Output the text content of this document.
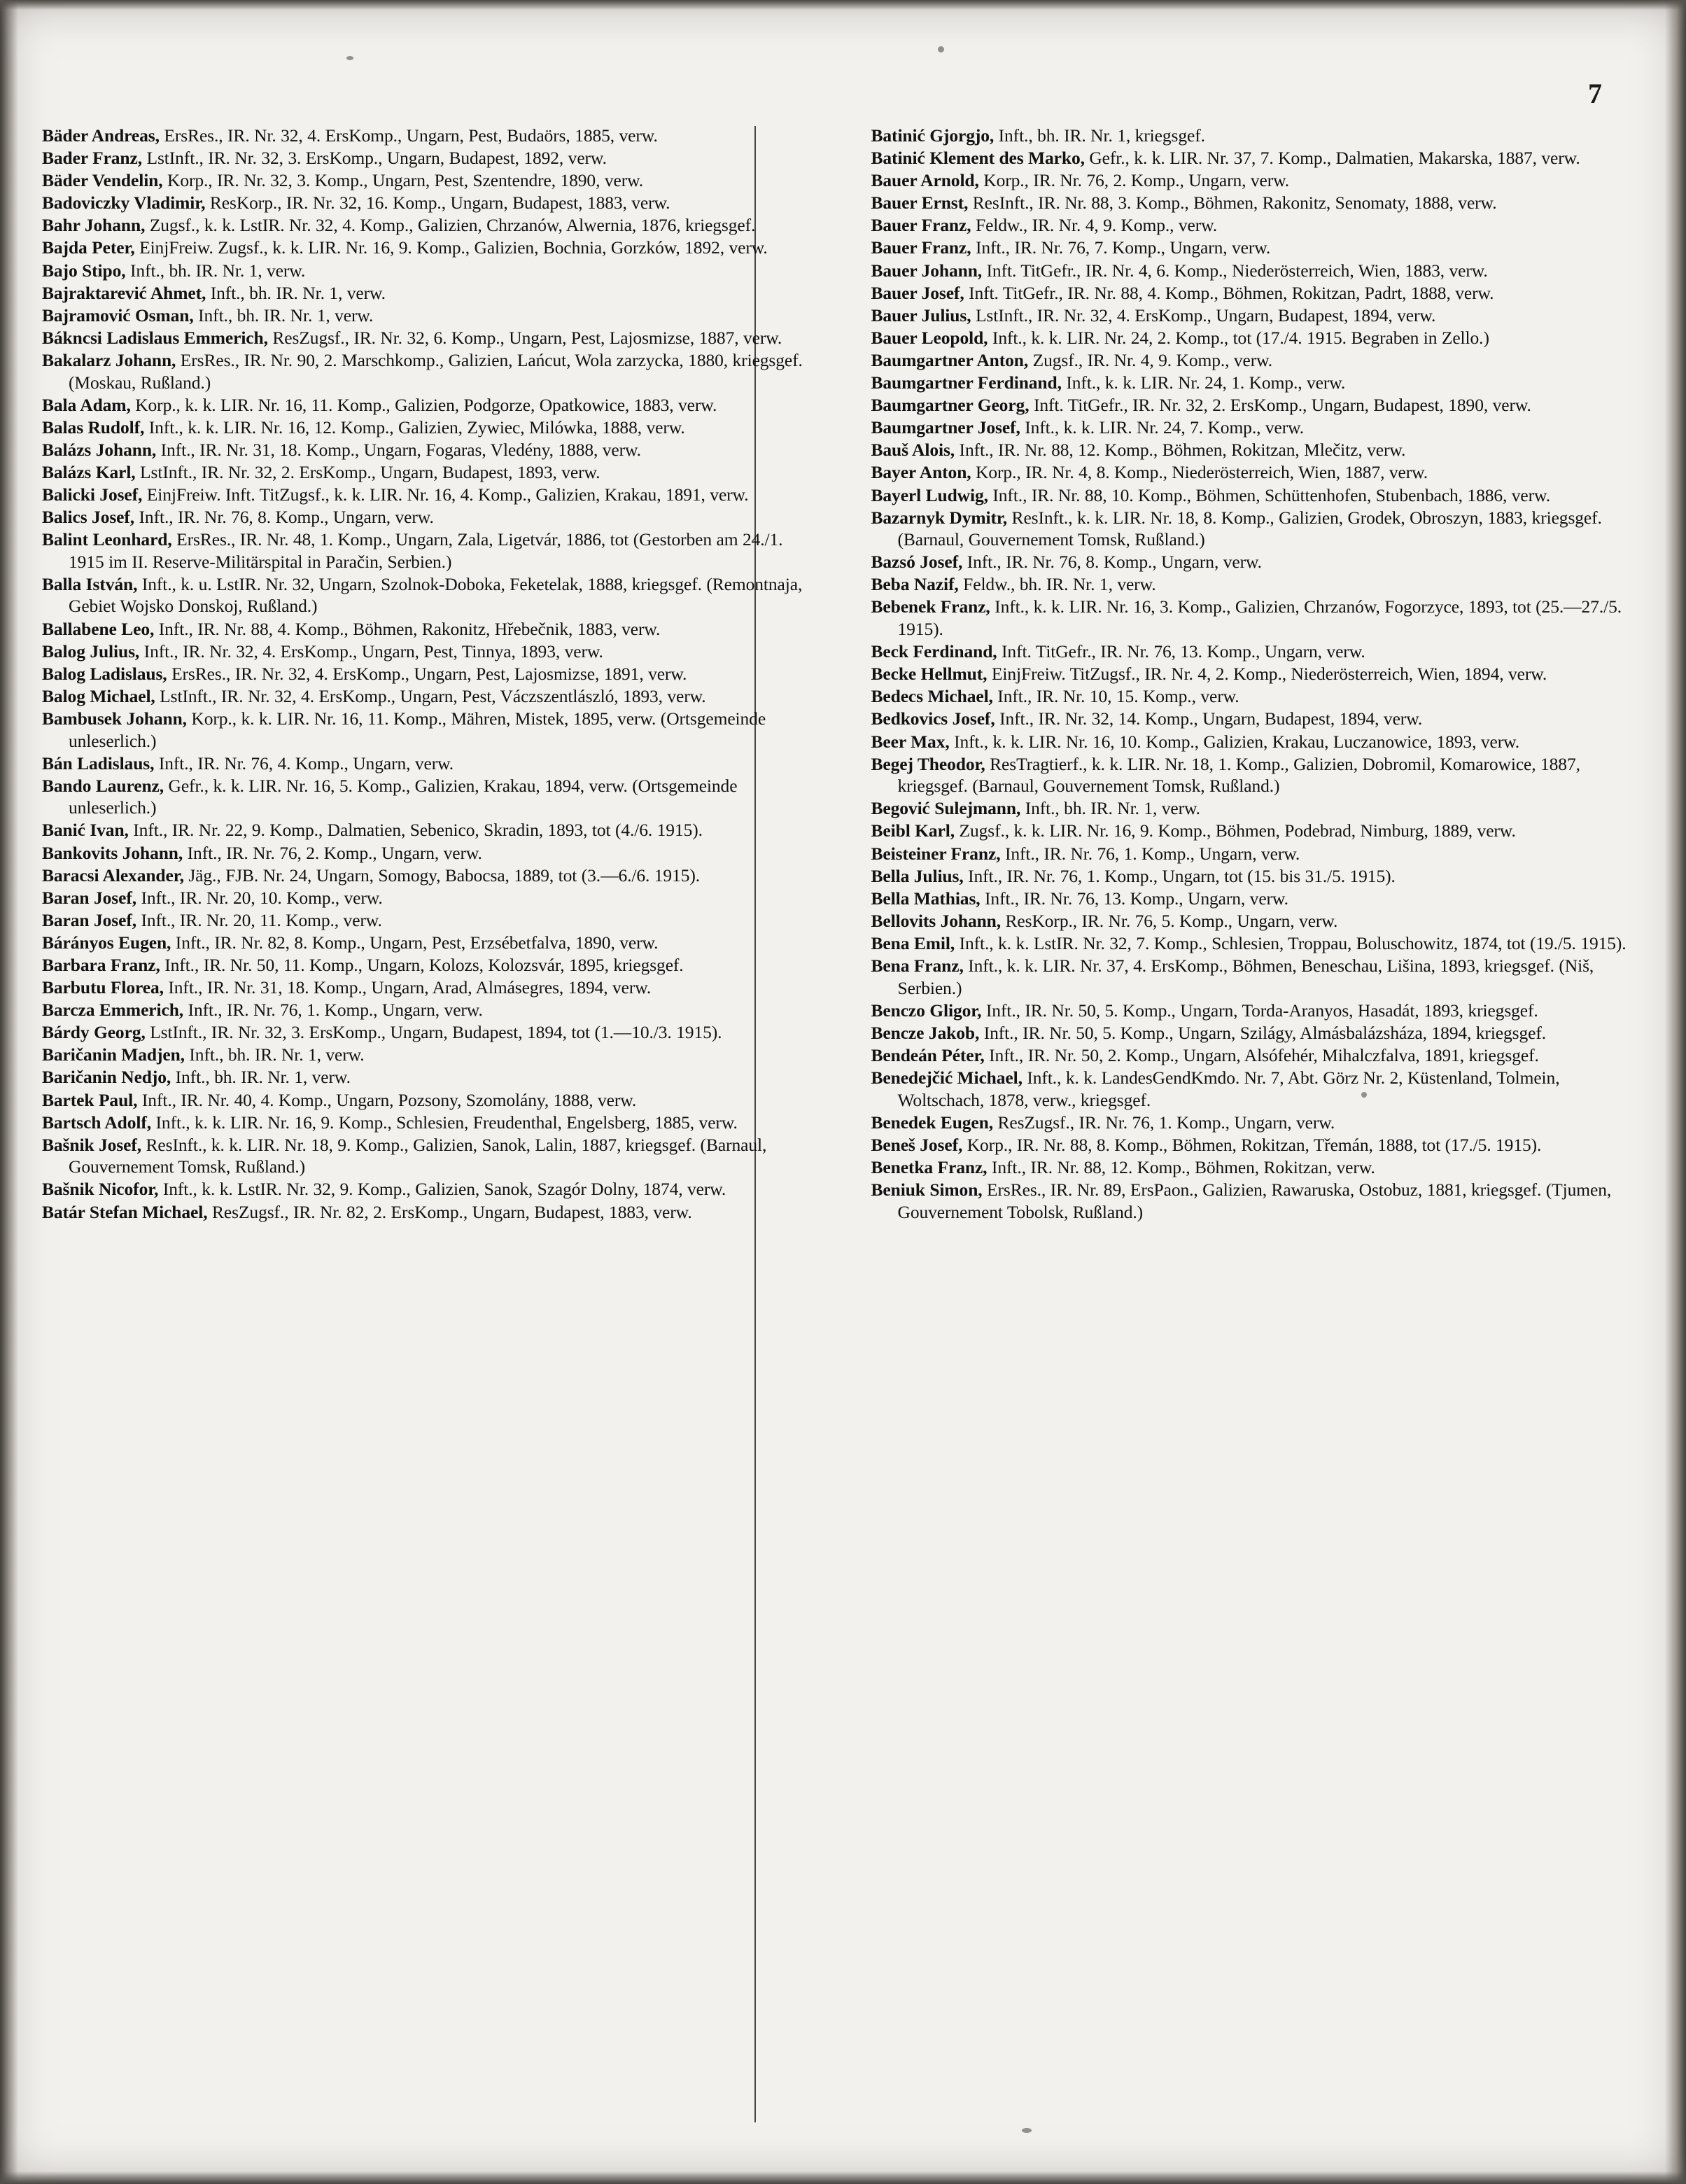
7

Bäder Andreas, ErsRes., IR. Nr. 32, 4. ErsKomp., Ungarn, Pest, Budaörs, 1885, verw.

Bader Franz, LstInft., IR. Nr. 32, 3. ErsKomp., Ungarn, Budapest, 1892, verw.

Bäder Vendelin, Korp., IR. Nr. 32, 3. Komp., Ungarn, Pest, Szentendre, 1890, verw.

Badoviczky Vladimir, ResKorp., IR. Nr. 32, 16. Komp., Ungarn, Budapest, 1883, verw.

Bahr Johann, Zugsf., k. k. LstIR. Nr. 32, 4. Komp., Galizien, Chrzanów, Alwernia, 1876, kriegsgef.

Bajda Peter, EinjFreiw. Zugsf., k. k. LIR. Nr. 16, 9. Komp., Galizien, Bochnia, Gorzków, 1892, verw.

Bajo Stipo, Inft., bh. IR. Nr. 1, verw.

Bajraktarević Ahmet, Inft., bh. IR. Nr. 1, verw.

Bajramović Osman, Inft., bh. IR. Nr. 1, verw.

Bákncsi Ladislaus Emmerich, ResZugsf., IR. Nr. 32, 6. Komp., Ungarn, Pest, Lajosmizse, 1887, verw.

Bakalarz Johann, ErsRes., IR. Nr. 90, 2. Marschkomp., Galizien, Lańcut, Wola zarzycka, 1880, kriegsgef. (Moskau, Rußland.)

Bala Adam, Korp., k. k. LIR. Nr. 16, 11. Komp., Galizien, Podgorze, Opatkowice, 1883, verw.

Balas Rudolf, Inft., k. k. LIR. Nr. 16, 12. Komp., Galizien, Zywiec, Milówka, 1888, verw.

Balázs Johann, Inft., IR. Nr. 31, 18. Komp., Ungarn, Fogaras, Vledény, 1888, verw.

Balázs Karl, LstInft., IR. Nr. 32, 2. ErsKomp., Ungarn, Budapest, 1893, verw.

Balicki Josef, EinjFreiw. Inft. TitZugsf., k. k. LIR. Nr. 16, 4. Komp., Galizien, Krakau, 1891, verw.

Balics Josef, Inft., IR. Nr. 76, 8. Komp., Ungarn, verw.

Balint Leonhard, ErsRes., IR. Nr. 48, 1. Komp., Ungarn, Zala, Ligetvár, 1886, tot (Gestorben am 24./1. 1915 im II. Reserve-Militärspital in Paračin, Serbien.)

Balla István, Inft., k. u. LstIR. Nr. 32, Ungarn, Szolnok-Doboka, Feketelak, 1888, kriegsgef. (Remontnaja, Gebiet Wojsko Donskoj, Rußland.)

Ballabene Leo, Inft., IR. Nr. 88, 4. Komp., Böhmen, Rakonitz, Hřebečnik, 1883, verw.

Balog Julius, Inft., IR. Nr. 32, 4. ErsKomp., Ungarn, Pest, Tinnya, 1893, verw.

Balog Ladislaus, ErsRes., IR. Nr. 32, 4. ErsKomp., Ungarn, Pest, Lajosmizse, 1891, verw.

Balog Michael, LstInft., IR. Nr. 32, 4. ErsKomp., Ungarn, Pest, Váczszentlászló, 1893, verw.

Bambusek Johann, Korp., k. k. LIR. Nr. 16, 11. Komp., Mähren, Mistek, 1895, verw. (Ortsgemeinde unleserlich.)

Bán Ladislaus, Inft., IR. Nr. 76, 4. Komp., Ungarn, verw.

Bando Laurenz, Gefr., k. k. LIR. Nr. 16, 5. Komp., Galizien, Krakau, 1894, verw. (Ortsgemeinde unleserlich.)

Banić Ivan, Inft., IR. Nr. 22, 9. Komp., Dalmatien, Sebenico, Skradin, 1893, tot (4./6. 1915).

Bankovits Johann, Inft., IR. Nr. 76, 2. Komp., Ungarn, verw.

Baracsi Alexander, Jäg., FJB. Nr. 24, Ungarn, Somogy, Babocsa, 1889, tot (3.—6./6. 1915).

Baran Josef, Inft., IR. Nr. 20, 10. Komp., verw.

Baran Josef, Inft., IR. Nr. 20, 11. Komp., verw.

Bárányos Eugen, Inft., IR. Nr. 82, 8. Komp., Ungarn, Pest, Erzsébetfalva, 1890, verw.

Barbara Franz, Inft., IR. Nr. 50, 11. Komp., Ungarn, Kolozs, Kolozsvár, 1895, kriegsgef.

Barbutu Florea, Inft., IR. Nr. 31, 18. Komp., Ungarn, Arad, Almásegres, 1894, verw.

Barcza Emmerich, Inft., IR. Nr. 76, 1. Komp., Ungarn, verw.

Bárdy Georg, LstInft., IR. Nr. 32, 3. ErsKomp., Ungarn, Budapest, 1894, tot (1.—10./3. 1915).

Baričanin Madjen, Inft., bh. IR. Nr. 1, verw.

Baričanin Nedjo, Inft., bh. IR. Nr. 1, verw.

Bartek Paul, Inft., IR. Nr. 40, 4. Komp., Ungarn, Pozsony, Szomolány, 1888, verw.

Bartsch Adolf, Inft., k. k. LIR. Nr. 16, 9. Komp., Schlesien, Freudenthal, Engelsberg, 1885, verw.

Bašnik Josef, ResInft., k. k. LIR. Nr. 18, 9. Komp., Galizien, Sanok, Lalin, 1887, kriegsgef. (Barnaul, Gouvernement Tomsk, Rußland.)

Bašnik Nicofor, Inft., k. k. LstIR. Nr. 32, 9. Komp., Galizien, Sanok, Szagór Dolny, 1874, verw.

Batár Stefan Michael, ResZugsf., IR. Nr. 82, 2. ErsKomp., Ungarn, Budapest, 1883, verw.

Batinić Gjorgjo, Inft., bh. IR. Nr. 1, kriegsgef.

Batinić Klement des Marko, Gefr., k. k. LIR. Nr. 37, 7. Komp., Dalmatien, Makarska, 1887, verw.

Bauer Arnold, Korp., IR. Nr. 76, 2. Komp., Ungarn, verw.

Bauer Ernst, ResInft., IR. Nr. 88, 3. Komp., Böhmen, Rakonitz, Senomaty, 1888, verw.

Bauer Franz, Feldw., IR. Nr. 4, 9. Komp., verw.

Bauer Franz, Inft., IR. Nr. 76, 7. Komp., Ungarn, verw.

Bauer Johann, Inft. TitGefr., IR. Nr. 4, 6. Komp., Niederösterreich, Wien, 1883, verw.

Bauer Josef, Inft. TitGefr., IR. Nr. 88, 4. Komp., Böhmen, Rokitzan, Padrt, 1888, verw.

Bauer Julius, LstInft., IR. Nr. 32, 4. ErsKomp., Ungarn, Budapest, 1894, verw.

Bauer Leopold, Inft., k. k. LIR. Nr. 24, 2. Komp., tot (17./4. 1915. Begraben in Zello.)

Baumgartner Anton, Zugsf., IR. Nr. 4, 9. Komp., verw.

Baumgartner Ferdinand, Inft., k. k. LIR. Nr. 24, 1. Komp., verw.

Baumgartner Georg, Inft. TitGefr., IR. Nr. 32, 2. ErsKomp., Ungarn, Budapest, 1890, verw.

Baumgartner Josef, Inft., k. k. LIR. Nr. 24, 7. Komp., verw.

Bauš Alois, Inft., IR. Nr. 88, 12. Komp., Böhmen, Rokitzan, Mlečitz, verw.

Bayer Anton, Korp., IR. Nr. 4, 8. Komp., Niederösterreich, Wien, 1887, verw.

Bayerl Ludwig, Inft., IR. Nr. 88, 10. Komp., Böhmen, Schüttenhofen, Stubenbach, 1886, verw.

Bazarnyk Dymitr, ResInft., k. k. LIR. Nr. 18, 8. Komp., Galizien, Grodek, Obroszyn, 1883, kriegsgef. (Barnaul, Gouvernement Tomsk, Rußland.)

Bazsó Josef, Inft., IR. Nr. 76, 8. Komp., Ungarn, verw.

Beba Nazif, Feldw., bh. IR. Nr. 1, verw.

Bebenek Franz, Inft., k. k. LIR. Nr. 16, 3. Komp., Galizien, Chrzanów, Fogorzyce, 1893, tot (25.—27./5. 1915).

Beck Ferdinand, Inft. TitGefr., IR. Nr. 76, 13. Komp., Ungarn, verw.

Becke Hellmut, EinjFreiw. TitZugsf., IR. Nr. 4, 2. Komp., Niederösterreich, Wien, 1894, verw.

Bedecs Michael, Inft., IR. Nr. 10, 15. Komp., verw.

Bedkovics Josef, Inft., IR. Nr. 32, 14. Komp., Ungarn, Budapest, 1894, verw.

Beer Max, Inft., k. k. LIR. Nr. 16, 10. Komp., Galizien, Krakau, Luczanowice, 1893, verw.

Begej Theodor, ResTragtierf., k. k. LIR. Nr. 18, 1. Komp., Galizien, Dobromil, Komarowice, 1887, kriegsgef. (Barnaul, Gouvernement Tomsk, Rußland.)

Begović Sulejmann, Inft., bh. IR. Nr. 1, verw.

Beibl Karl, Zugsf., k. k. LIR. Nr. 16, 9. Komp., Böhmen, Podebrad, Nimburg, 1889, verw.

Beisteiner Franz, Inft., IR. Nr. 76, 1. Komp., Ungarn, verw.

Bella Julius, Inft., IR. Nr. 76, 1. Komp., Ungarn, tot (15. bis 31./5. 1915).

Bella Mathias, Inft., IR. Nr. 76, 13. Komp., Ungarn, verw.

Bellovits Johann, ResKorp., IR. Nr. 76, 5. Komp., Ungarn, verw.

Bena Emil, Inft., k. k. LstIR. Nr. 32, 7. Komp., Schlesien, Troppau, Boluschowitz, 1874, tot (19./5. 1915).

Bena Franz, Inft., k. k. LIR. Nr. 37, 4. ErsKomp., Böhmen, Beneschau, Lišina, 1893, kriegsgef. (Niš, Serbien.)

Benczo Gligor, Inft., IR. Nr. 50, 5. Komp., Ungarn, Torda-Aranyos, Hasadát, 1893, kriegsgef.

Bencze Jakob, Inft., IR. Nr. 50, 5. Komp., Ungarn, Szilágy, Almásbalázsháza, 1894, kriegsgef.

Bendeán Péter, Inft., IR. Nr. 50, 2. Komp., Ungarn, Alsófehér, Mihalczfalva, 1891, kriegsgef.

Benedejčić Michael, Inft., k. k. LandesGendKmdo. Nr. 7, Abt. Görz Nr. 2, Küstenland, Tolmein, Woltschach, 1878, verw., kriegsgef.

Benedek Eugen, ResZugsf., IR. Nr. 76, 1. Komp., Ungarn, verw.

Beneš Josef, Korp., IR. Nr. 88, 8. Komp., Böhmen, Rokitzan, Třemán, 1888, tot (17./5. 1915).

Benetka Franz, Inft., IR. Nr. 88, 12. Komp., Böhmen, Rokitzan, verw.

Beniuk Simon, ErsRes., IR. Nr. 89, ErsPaon., Galizien, Rawaruska, Ostobuz, 1881, kriegsgef. (Tjumen, Gouvernement Tobolsk, Rußland.)
